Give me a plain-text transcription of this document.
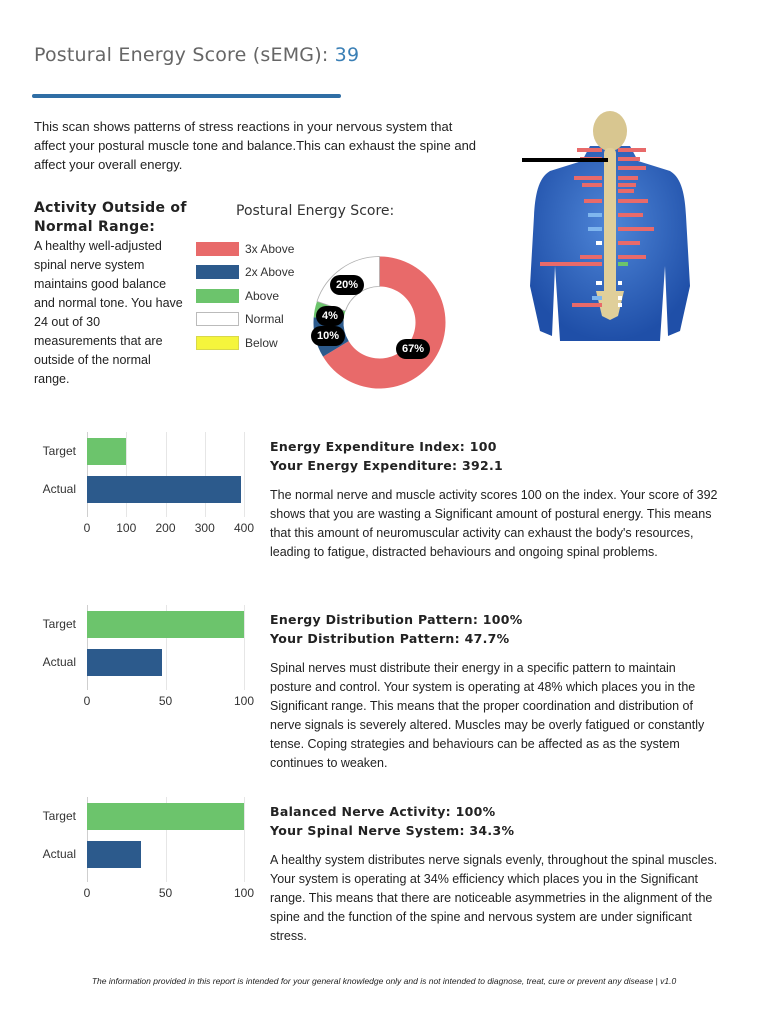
Postural Energy Score (sEMG): 39
This scan shows patterns of stress reactions in your nervous system that affect your postural muscle tone and balance.This can exhaust the spine and affect your overall energy.
Activity Outside of Normal Range:
A healthy well-adjusted spinal nerve system maintains good balance and normal tone. You have 24 out of 30 measurements that are outside of the normal range.
Postural Energy Score:
3x Above
2x Above
Above
Normal
Below	67%
10%
4%
20%
0 100 200 300 400
Target
Actual
Energy Expenditure Index: 100
Your Energy Expenditure: 392.1
The normal nerve and muscle activity scores 100 on the index. Your score of 392 shows that you are wasting a Significant amount of postural energy. This means that this amount of neuromuscular activity can exhaust the body's resources, leading to fatigue, distracted behaviours and ongoing spinal problems.
0	50	100
Target
Actual
Energy Distribution Pattern: 100%
Your Distribution Pattern: 47.7%
Spinal nerves must distribute their energy in a specific pattern to maintain posture and control. Your system is operating at 48% which places you in the Significant range. This means that the proper coordination and distribution of nerve signals is severely altered. Muscles may be overly fatigued or constantly tense. Coping strategies and behaviours can be affected as as the system continues to weaken.
0	50	100
Target
Actual
Balanced Nerve Activity: 100%
Your Spinal Nerve System: 34.3%
A healthy system distributes nerve signals evenly, throughout the spinal muscles. Your system is operating at 34% efficiency which places you in the Significant range. This means that there are noticeable asymmetries in the alignment of the spine and the function of the spine and nervous system are under significant stress.
The information provided in this report is intended for your general knowledge only and is not intended to diagnose, treat, cure or prevent any disease | v1.0
